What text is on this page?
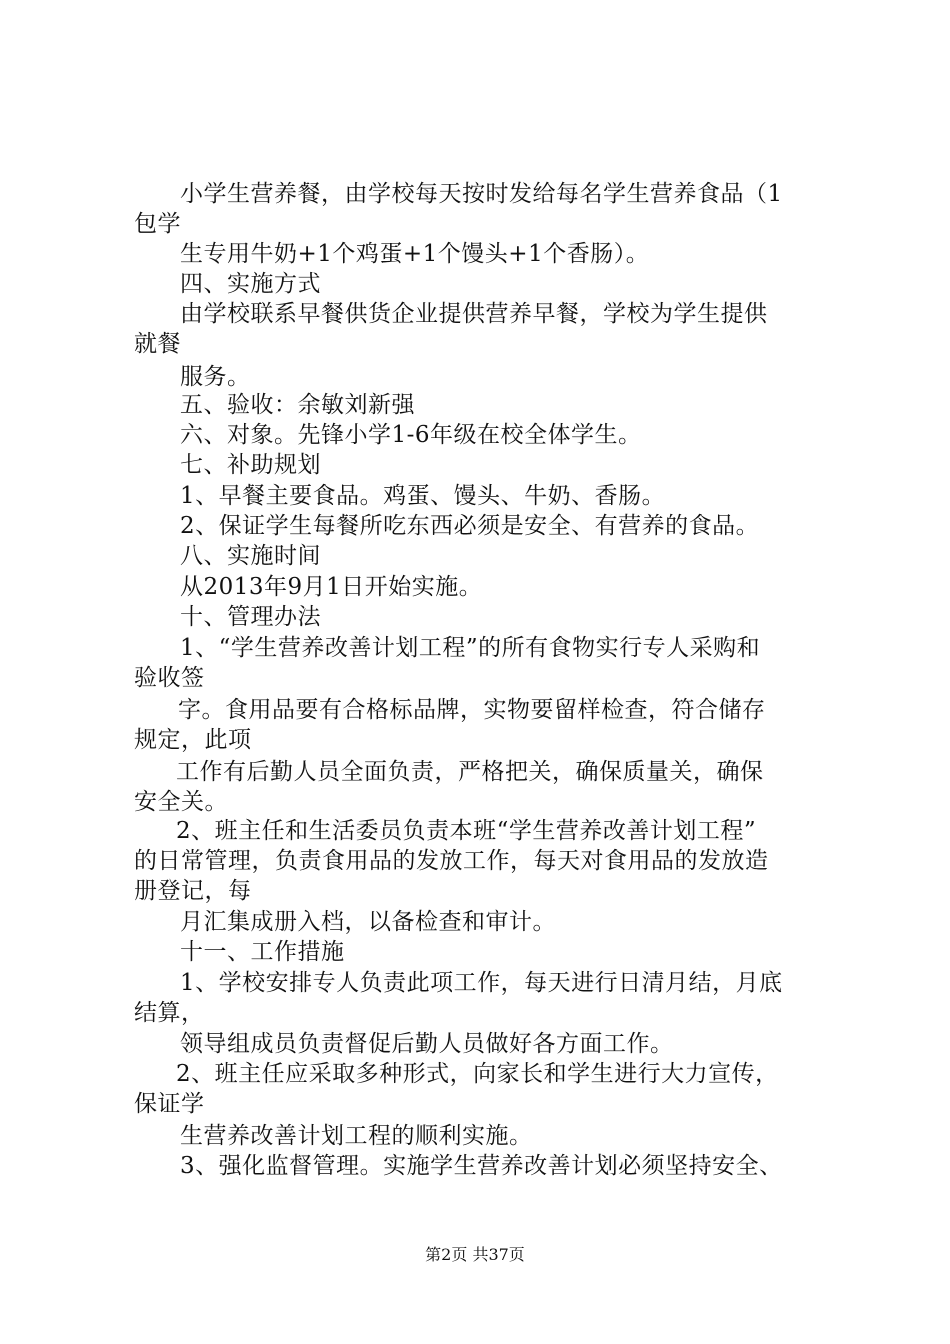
小学生营养餐，由学校每天按时发给每名学生营养食品（1
包学
生专用牛奶+1个鸡蛋+1个馒头+1个香肠）。
四、实施方式
由学校联系早餐供货企业提供营养早餐，学校为学生提供
就餐
服务。
五、验收：余敏刘新强
六、对象。先锋小学1-6年级在校全体学生。
七、补助规划
1、早餐主要食品。鸡蛋、馒头、牛奶、香肠。
2、保证学生每餐所吃东西必须是安全、有营养的食品。
八、实施时间
从2013年9月1日开始实施。
十、管理办法
1、“学生营养改善计划工程”的所有食物实行专人采购和
验收签
字。食用品要有合格标品牌，实物要留样检查，符合储存
规定，此项
工作有后勤人员全面负责，严格把关，确保质量关，确保
安全关。
2、班主任和生活委员负责本班“学生营养改善计划工程”
的日常管理，负责食用品的发放工作，每天对食用品的发放造
册登记，每
月汇集成册入档，以备检查和审计。
十一、工作措施
1、学校安排专人负责此项工作，每天进行日清月结，月底
结算，
领导组成员负责督促后勤人员做好各方面工作。
2、班主任应采取多种形式，向家长和学生进行大力宣传，
保证学
生营养改善计划工程的顺利实施。
3、强化监督管理。实施学生营养改善计划必须坚持安全、
第2页 共37页
